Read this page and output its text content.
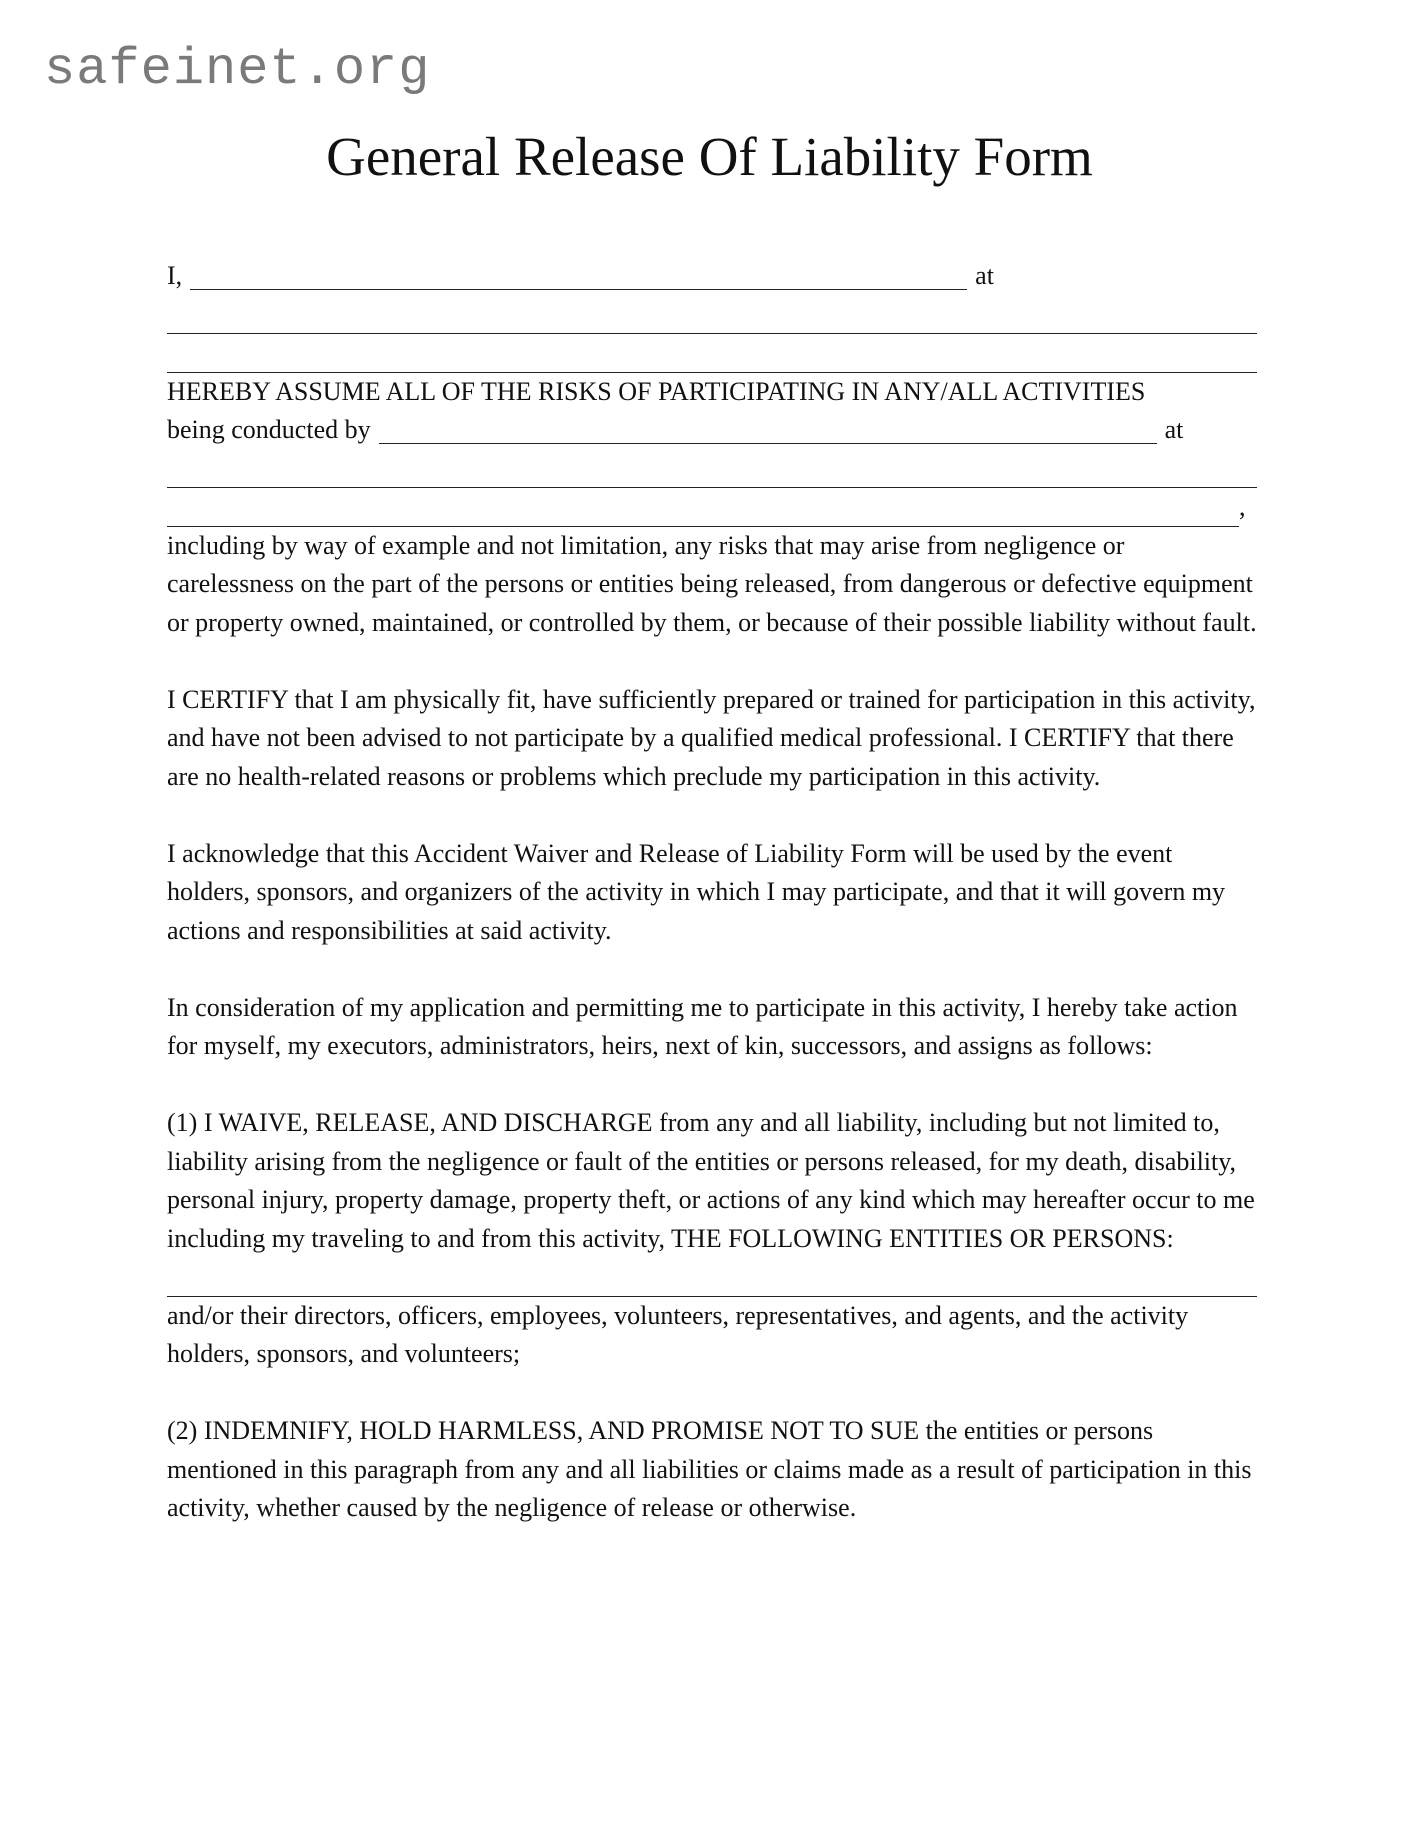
safeinet.org
General Release Of Liability Form
I,	at

HEREBY ASSUME ALL OF THE RISKS OF PARTICIPATING IN ANY/ALL ACTIVITIES

being conducted by	at
,

including by way of example and not limitation, any risks that may arise from negligence or carelessness on the part of the persons or entities being released, from dangerous or defective equipment or property owned, maintained, or controlled by them, or because of their possible liability without fault.

I CERTIFY that I am physically fit, have sufficiently prepared or trained for participation in this activity, and have not been advised to not participate by a qualified medical professional. I CERTIFY that there are no health-related reasons or problems which preclude my participation in this activity.

I acknowledge that this Accident Waiver and Release of Liability Form will be used by the event holders, sponsors, and organizers of the activity in which I may participate, and that it will govern my actions and responsibilities at said activity.

In consideration of my application and permitting me to participate in this activity, I hereby take action for myself, my executors, administrators, heirs, next of kin, successors, and assigns as follows:

(1) I WAIVE, RELEASE, AND DISCHARGE from any and all liability, including but not limited to, liability arising from the negligence or fault of the entities or persons released, for my death, disability, personal injury, property damage, property theft, or actions of any kind which may hereafter occur to me including my traveling to and from this activity, THE FOLLOWING ENTITIES OR PERSONS:

and/or their directors, officers, employees, volunteers, representatives, and agents, and the activity holders, sponsors, and volunteers;

(2) INDEMNIFY, HOLD HARMLESS, AND PROMISE NOT TO SUE the entities or persons mentioned in this paragraph from any and all liabilities or claims made as a result of participation in this activity, whether caused by the negligence of release or otherwise.
